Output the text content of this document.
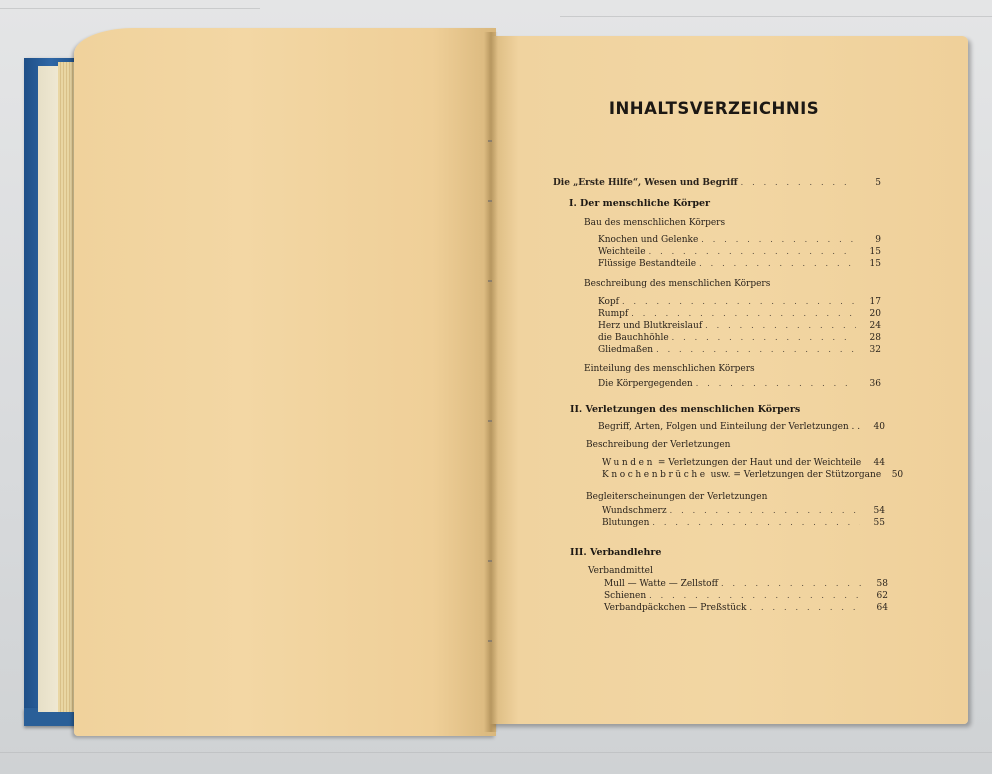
INHALTSVERZEICHNIS
Die „Erste Hilfe“, Wesen und Begriff . . .	5
I. Der menschliche Körper
Bau des menschlichen Körpers
Knochen und Gelenke . . .	9
Weichteile . . .	15
Flüssige Bestandteile . . .	15
Beschreibung des menschlichen Körpers
Kopf . . .	17
Rumpf . . .	20
Herz und Blutkreislauf . . .	24
die Bauchhöhle . . .	28
Gliedmaßen . . .	32
Einteilung des menschlichen Körpers
Die Körpergegenden . . .	36
II. Verletzungen des menschlichen Körpers
Begriff, Arten, Folgen und Einteilung der Verletzungen . .	40
Beschreibung der Verletzungen
Wunden = Verletzungen der Haut und der Weichteile	44
Knochenbrüche usw. = Verletzungen der Stützorgane	50
Begleiterscheinungen der Verletzungen
Wundschmerz . . .	54
Blutungen . . .	55
III. Verbandlehre
Verbandmittel
Mull — Watte — Zellstoff . . .	58
Schienen . . .	62
Verbandpäckchen — Preßstück . . .	64
